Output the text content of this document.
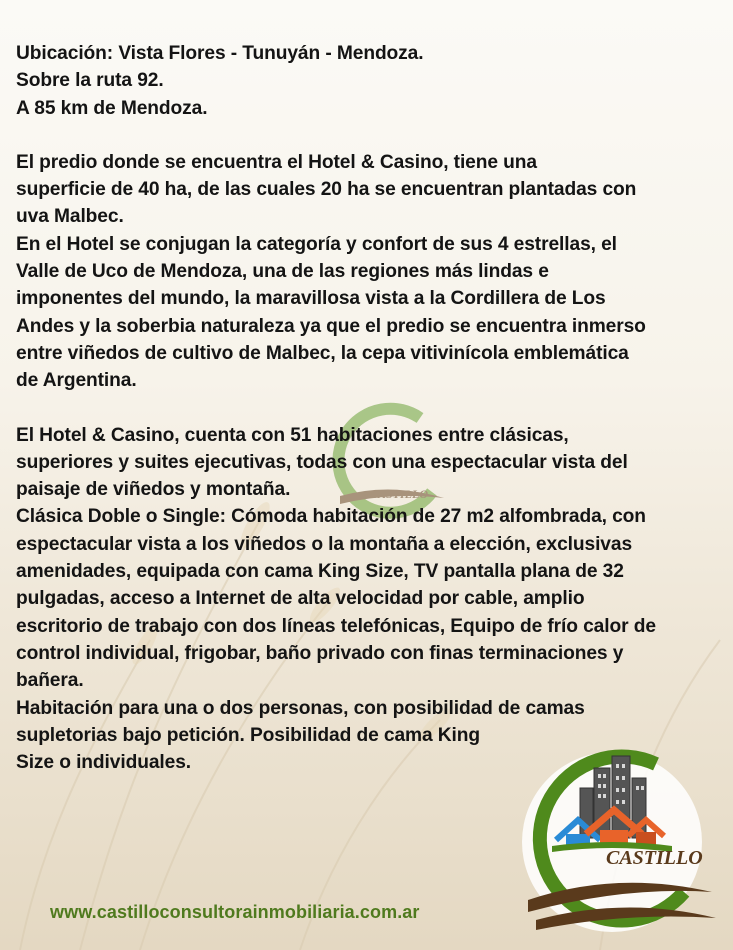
CASTILLO

Ubicación: Vista Flores - Tunuyán - Mendoza.

Sobre la ruta 92.

A 85 km de Mendoza.

El predio donde se encuentra el Hotel & Casino, tiene una

superficie de 40 ha, de las cuales 20 ha se encuentran plantadas con

uva Malbec.

En el Hotel se conjugan la categoría y confort de sus 4 estrellas, el

Valle de Uco de Mendoza, una de las regiones más lindas e

imponentes del mundo, la maravillosa vista a la Cordillera de Los

Andes y la soberbia naturaleza ya que el predio se encuentra inmerso

entre viñedos de cultivo de Malbec, la cepa vitivinícola emblemática

de Argentina.

El Hotel & Casino, cuenta con 51 habitaciones entre clásicas,

superiores y suites ejecutivas, todas con una espectacular vista del

paisaje de viñedos y montaña.

Clásica Doble o Single: Cómoda habitación de 27 m2 alfombrada, con

espectacular vista a los viñedos o la montaña a elección, exclusivas

amenidades, equipada con cama King Size, TV pantalla plana de 32

pulgadas, acceso a Internet de alta velocidad por cable, amplio

escritorio de trabajo con dos líneas telefónicas, Equipo de frío calor de

control individual, frigobar, baño privado con finas terminaciones y

bañera.

Habitación para una o dos personas, con posibilidad de camas

supletorias bajo petición. Posibilidad de cama King

Size o individuales.

CASTILLO
www.castilloconsultorainmobiliaria.com.ar
